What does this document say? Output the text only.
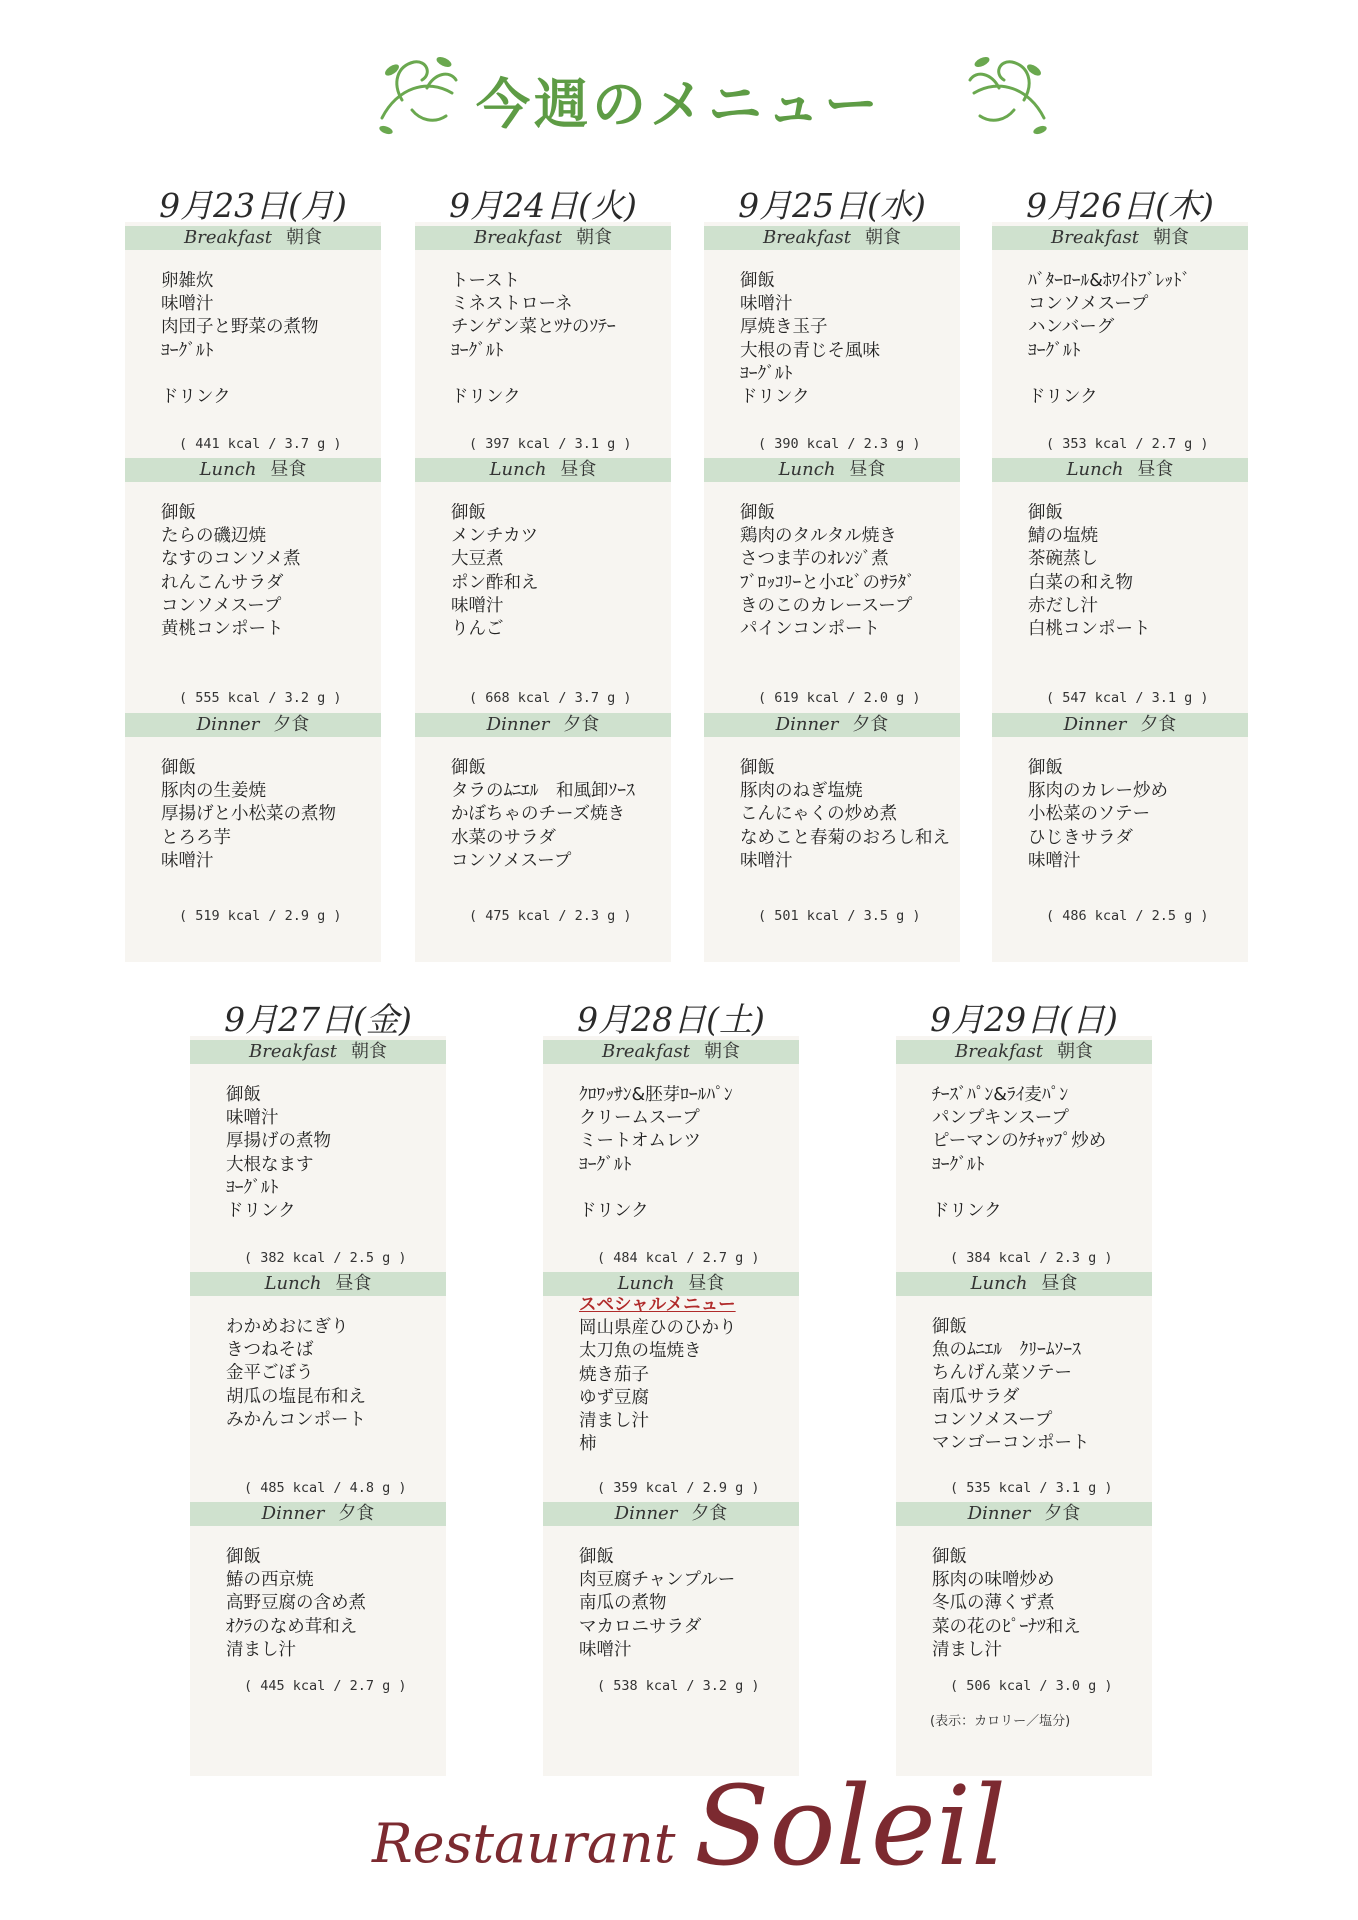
今週のメニュー
9月23日(月)
Breakfast 朝食
卵雑炊
味噌汁
肉団子と野菜の煮物
ﾖｰｸﾞﾙﾄ
ドリンク
( 441 kcal / 3.7 g )
Lunch 昼食
御飯
たらの磯辺焼
なすのコンソメ煮
れんこんサラダ
コンソメスープ
黄桃コンポート
( 555 kcal / 3.2 g )
Dinner 夕食
御飯
豚肉の生姜焼
厚揚げと小松菜の煮物
とろろ芋
味噌汁
( 519 kcal / 2.9 g )
9月24日(火)
Breakfast 朝食
トースト
ミネストローネ
チンゲン菜とﾂﾅのｿﾃｰ
ﾖｰｸﾞﾙﾄ
ドリンク
( 397 kcal / 3.1 g )
Lunch 昼食
御飯
メンチカツ
大豆煮
ポン酢和え
味噌汁
りんご
( 668 kcal / 3.7 g )
Dinner 夕食
御飯
タラのﾑﾆｴﾙ　和風卸ｿｰｽ
かぼちゃのチーズ焼き
水菜のサラダ
コンソメスープ
( 475 kcal / 2.3 g )
9月25日(水)
Breakfast 朝食
御飯
味噌汁
厚焼き玉子
大根の青じそ風味
ﾖｰｸﾞﾙﾄ
ドリンク
( 390 kcal / 2.3 g )
Lunch 昼食
御飯
鶏肉のタルタル焼き
さつま芋のｵﾚﾝｼﾞ煮
ﾌﾞﾛｯｺﾘｰと小ｴﾋﾞのｻﾗﾀﾞ
きのこのカレースープ
パインコンポート
( 619 kcal / 2.0 g )
Dinner 夕食
御飯
豚肉のねぎ塩焼
こんにゃくの炒め煮
なめこと春菊のおろし和え
味噌汁
( 501 kcal / 3.5 g )
9月26日(木)
Breakfast 朝食
ﾊﾞﾀｰﾛｰﾙ&ﾎﾜｲﾄﾌﾞﾚｯﾄﾞ
コンソメスープ
ハンバーグ
ﾖｰｸﾞﾙﾄ
ドリンク
( 353 kcal / 2.7 g )
Lunch 昼食
御飯
鯖の塩焼
茶碗蒸し
白菜の和え物
赤だし汁
白桃コンポート
( 547 kcal / 3.1 g )
Dinner 夕食
御飯
豚肉のカレー炒め
小松菜のソテー
ひじきサラダ
味噌汁
( 486 kcal / 2.5 g )
9月27日(金)
Breakfast 朝食
御飯
味噌汁
厚揚げの煮物
大根なます
ﾖｰｸﾞﾙﾄ
ドリンク
( 382 kcal / 2.5 g )
Lunch 昼食
わかめおにぎり
きつねそば
金平ごぼう
胡瓜の塩昆布和え
みかんコンポート
( 485 kcal / 4.8 g )
Dinner 夕食
御飯
鰆の西京焼
高野豆腐の含め煮
ｵｸﾗのなめ茸和え
清まし汁
( 445 kcal / 2.7 g )
9月28日(土)
Breakfast 朝食
ｸﾛﾜｯｻﾝ&胚芽ﾛｰﾙﾊﾟﾝ
クリームスープ
ミートオムレツ
ﾖｰｸﾞﾙﾄ
ドリンク
( 484 kcal / 2.7 g )
Lunch 昼食
スペシャルメニュー
岡山県産ひのひかり
太刀魚の塩焼き
焼き茄子
ゆず豆腐
清まし汁
柿
( 359 kcal / 2.9 g )
Dinner 夕食
御飯
肉豆腐チャンプルー
南瓜の煮物
マカロニサラダ
味噌汁
( 538 kcal / 3.2 g )
9月29日(日)
Breakfast 朝食
ﾁｰｽﾞﾊﾟﾝ&ﾗｲ麦ﾊﾟﾝ
パンプキンスープ
ピーマンのｹﾁｬｯﾌﾟ炒め
ﾖｰｸﾞﾙﾄ
ドリンク
( 384 kcal / 2.3 g )
Lunch 昼食
御飯
魚のﾑﾆｴﾙ　ｸﾘｰﾑｿｰｽ
ちんげん菜ソテー
南瓜サラダ
コンソメスープ
マンゴーコンポート
( 535 kcal / 3.1 g )
Dinner 夕食
御飯
豚肉の味噌炒め
冬瓜の薄くず煮
菜の花のﾋﾟｰﾅﾂ和え
清まし汁
( 506 kcal / 3.0 g )
(表示：カロリー／塩分)
Restaurant Soleil
